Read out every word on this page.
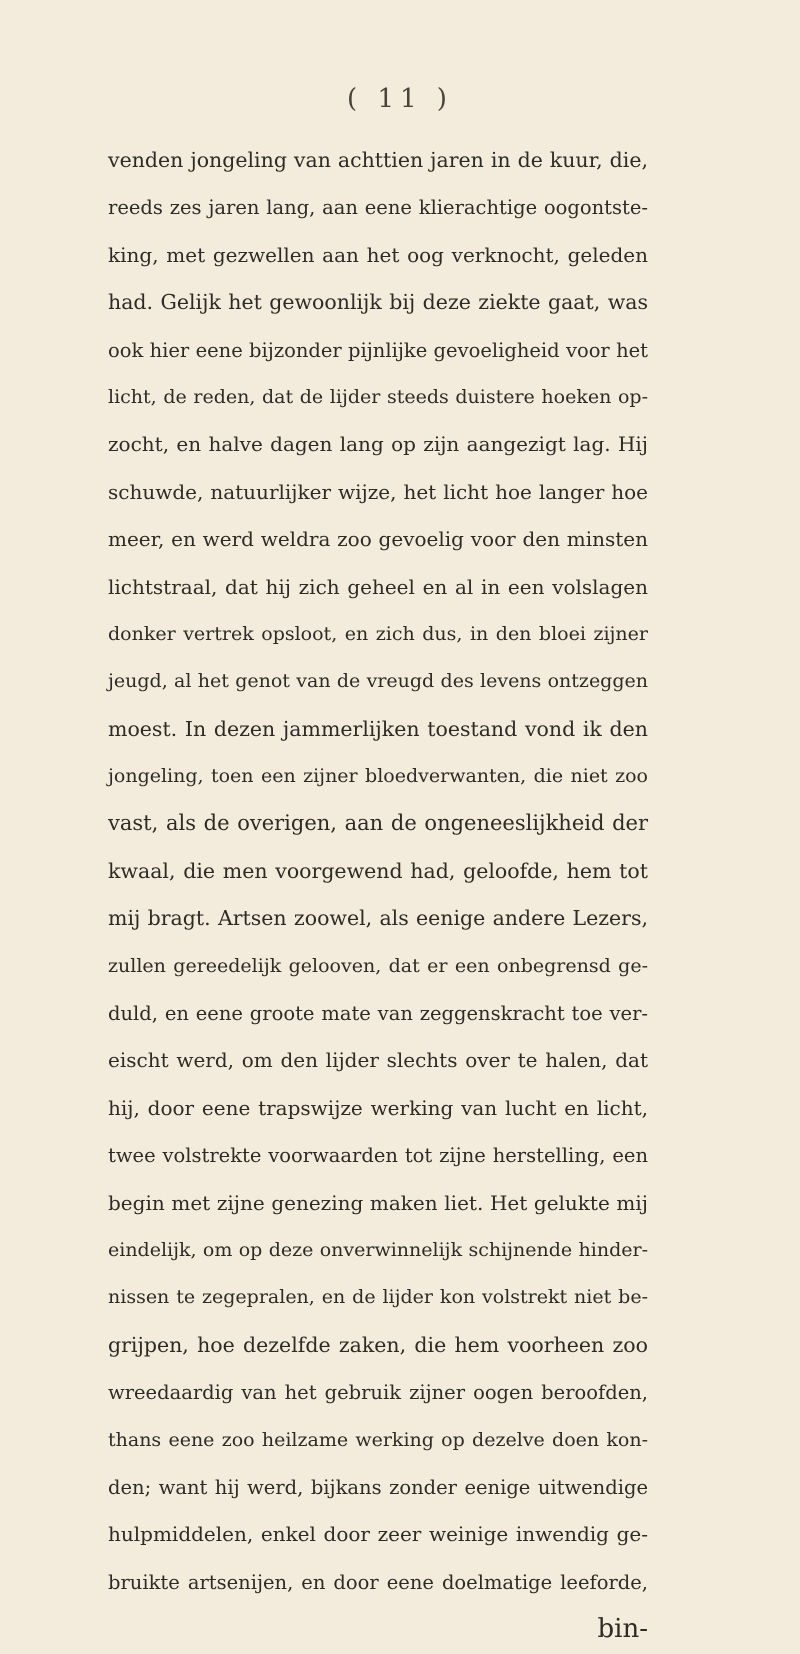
( 11 )
venden jongeling van achttien jaren in de kuur, die,
reeds zes jaren lang, aan eene klierachtige oogontste-
king, met gezwellen aan het oog verknocht, geleden
had. Gelijk het gewoonlijk bij deze ziekte gaat, was
ook hier eene bijzonder pijnlijke gevoeligheid voor het
licht, de reden, dat de lijder steeds duistere hoeken op-
zocht, en halve dagen lang op zijn aangezigt lag. Hij
schuwde, natuurlijker wijze, het licht hoe langer hoe
meer, en werd weldra zoo gevoelig voor den minsten
lichtstraal, dat hij zich geheel en al in een volslagen
donker vertrek opsloot, en zich dus, in den bloei zijner
jeugd, al het genot van de vreugd des levens ontzeggen
moest. In dezen jammerlijken toestand vond ik den
jongeling, toen een zijner bloedverwanten, die niet zoo
vast, als de overigen, aan de ongeneeslijkheid der
kwaal, die men voorgewend had, geloofde, hem tot
mij bragt. Artsen zoowel, als eenige andere Lezers,
zullen gereedelijk gelooven, dat er een onbegrensd ge-
duld, en eene groote mate van zeggenskracht toe ver-
eischt werd, om den lijder slechts over te halen, dat
hij, door eene trapswijze werking van lucht en licht,
twee volstrekte voorwaarden tot zijne herstelling, een
begin met zijne genezing maken liet. Het gelukte mij
eindelijk, om op deze onverwinnelijk schijnende hinder-
nissen te zegepralen, en de lijder kon volstrekt niet be-
grijpen, hoe dezelfde zaken, die hem voorheen zoo
wreedaardig van het gebruik zijner oogen beroofden,
thans eene zoo heilzame werking op dezelve doen kon-
den; want hij werd, bijkans zonder eenige uitwendige
hulpmiddelen, enkel door zeer weinige inwendig ge-
bruikte artsenijen, en door eene doelmatige leeforde,
bin-
